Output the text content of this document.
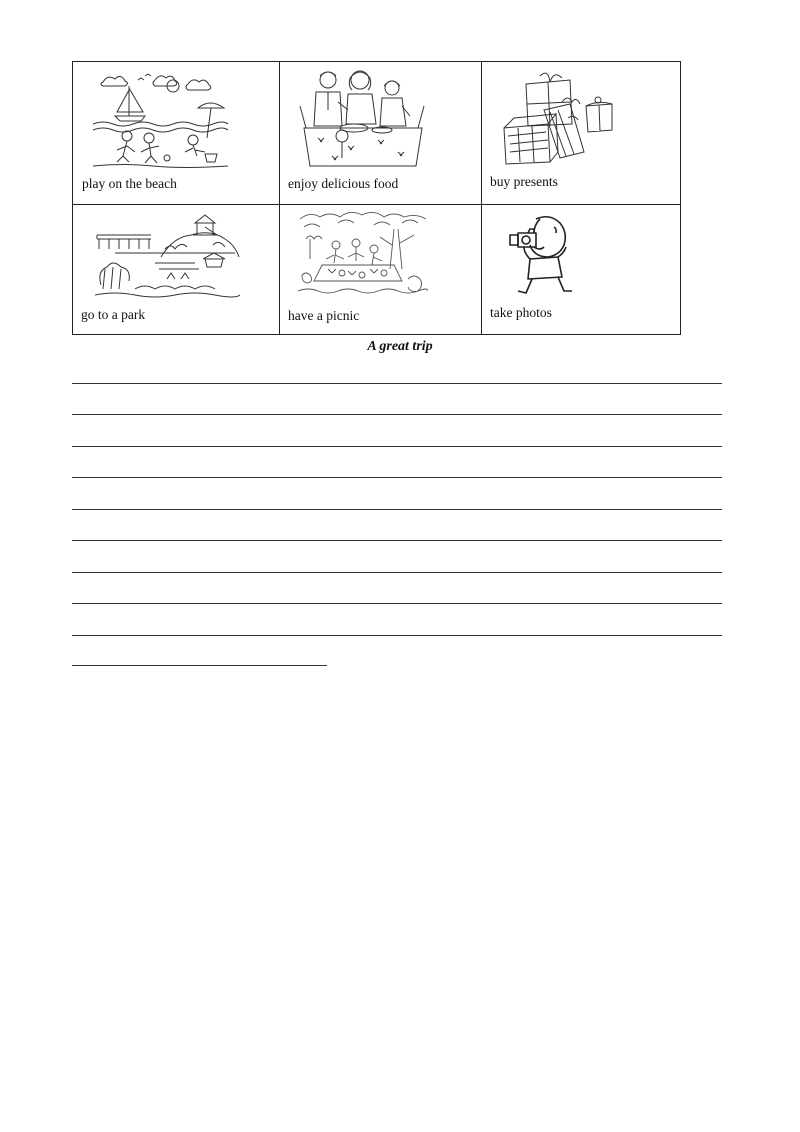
play on the beach	enjoy delicious food	buy presents
go to a park	have a picnic	take photos
A great trip
